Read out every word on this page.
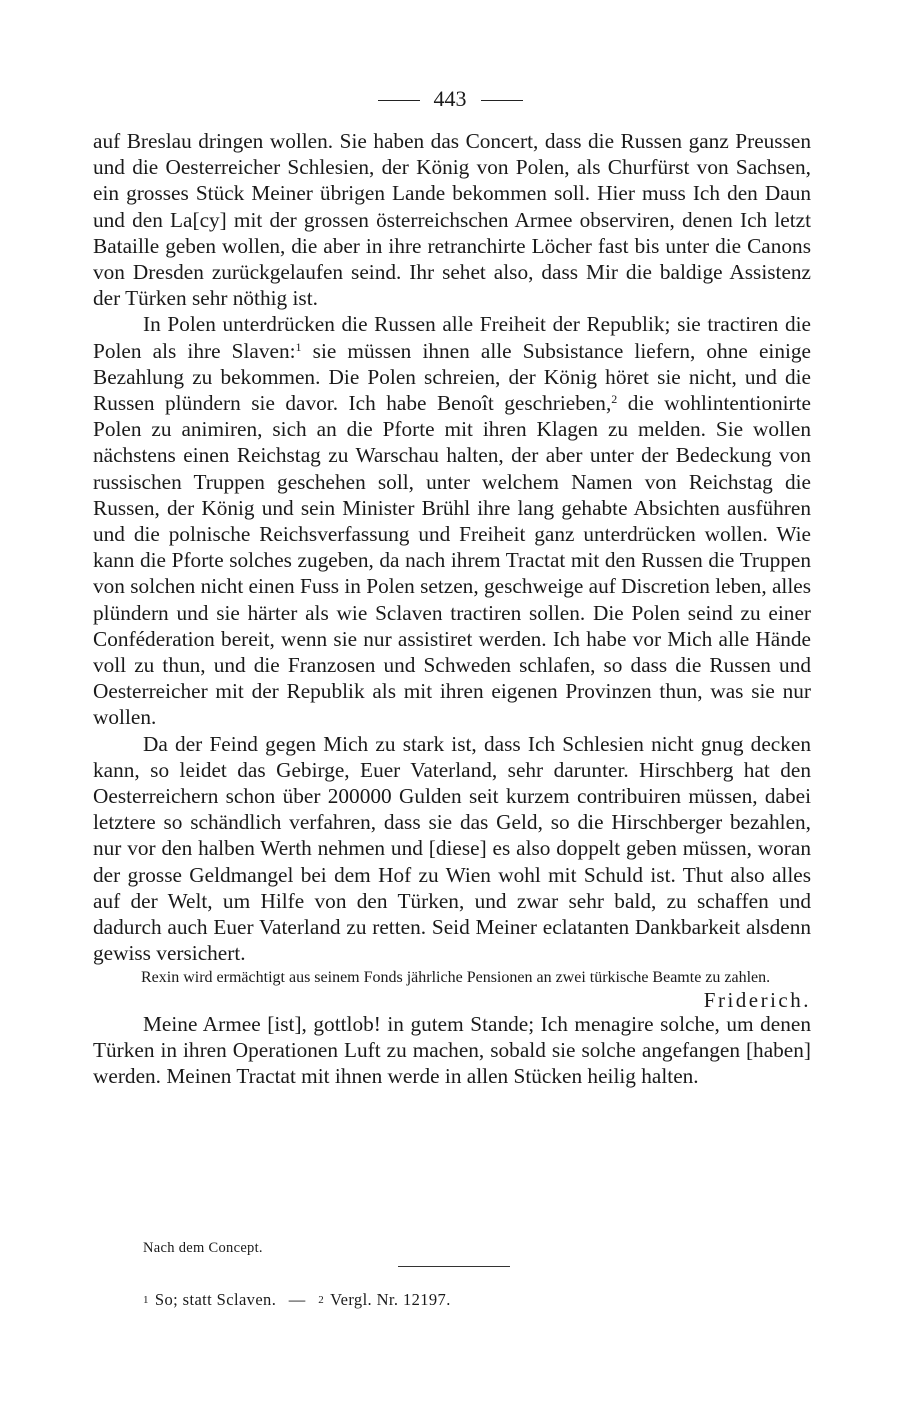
443

auf Breslau dringen wollen. Sie haben das Concert, dass die Russen ganz Preussen und die Oesterreicher Schlesien, der König von Polen, als Churfürst von Sachsen, ein grosses Stück Meiner übrigen Lande bekommen soll. Hier muss Ich den Daun und den La[cy] mit der grossen österreichschen Armee observiren, denen Ich letzt Bataille geben wollen, die aber in ihre retranchirte Löcher fast bis unter die Canons von Dresden zurückgelaufen seind. Ihr sehet also, dass Mir die baldige Assistenz der Türken sehr nöthig ist.

In Polen unterdrücken die Russen alle Freiheit der Republik; sie tractiren die Polen als ihre Slaven:$^1$ sie müssen ihnen alle Subsistance liefern, ohne einige Bezahlung zu bekommen. Die Polen schreien, der König höret sie nicht, und die Russen plündern sie davor. Ich habe Benoît geschrieben,$^2$ die wohlintentionirte Polen zu animiren, sich an die Pforte mit ihren Klagen zu melden. Sie wollen nächstens einen Reichstag zu Warschau halten, der aber unter der Bedeckung von russischen Truppen geschehen soll, unter welchem Namen von Reichstag die Russen, der König und sein Minister Brühl ihre lang gehabte Absichten ausführen und die polnische Reichsverfassung und Freiheit ganz unterdrücken wollen. Wie kann die Pforte solches zugeben, da nach ihrem Tractat mit den Russen die Truppen von solchen nicht einen Fuss in Polen setzen, geschweige auf Discretion leben, alles plündern und sie härter als wie Sclaven tractiren sollen. Die Polen seind zu einer Conféderation bereit, wenn sie nur assistiret werden. Ich habe vor Mich alle Hände voll zu thun, und die Franzosen und Schweden schlafen, so dass die Russen und Oesterreicher mit der Republik als mit ihren eigenen Provinzen thun, was sie nur wollen.

Da der Feind gegen Mich zu stark ist, dass Ich Schlesien nicht gnug decken kann, so leidet das Gebirge, Euer Vaterland, sehr darunter. Hirschberg hat den Oesterreichern schon über 200000 Gulden seit kurzem contribuiren müssen, dabei letztere so schändlich verfahren, dass sie das Geld, so die Hirschberger bezahlen, nur vor den halben Werth nehmen und [diese] es also doppelt geben müssen, woran der grosse Geldmangel bei dem Hof zu Wien wohl mit Schuld ist. Thut also alles auf der Welt, um Hilfe von den Türken, und zwar sehr bald, zu schaffen und dadurch auch Euer Vaterland zu retten. Seid Meiner eclatanten Dankbarkeit alsdenn gewiss versichert.

Rexin wird ermächtigt aus seinem Fonds jährliche Pensionen an zwei türkische Beamte zu zahlen.

Friderich.

Meine Armee [ist], gottlob! in gutem Stande; Ich menagire solche, um denen Türken in ihren Operationen Luft zu machen, sobald sie solche angefangen [haben] werden. Meinen Tractat mit ihnen werde in allen Stücken heilig halten.

Nach dem Concept.
1 So; statt Sclaven. — 2 Vergl. Nr. 12197.
